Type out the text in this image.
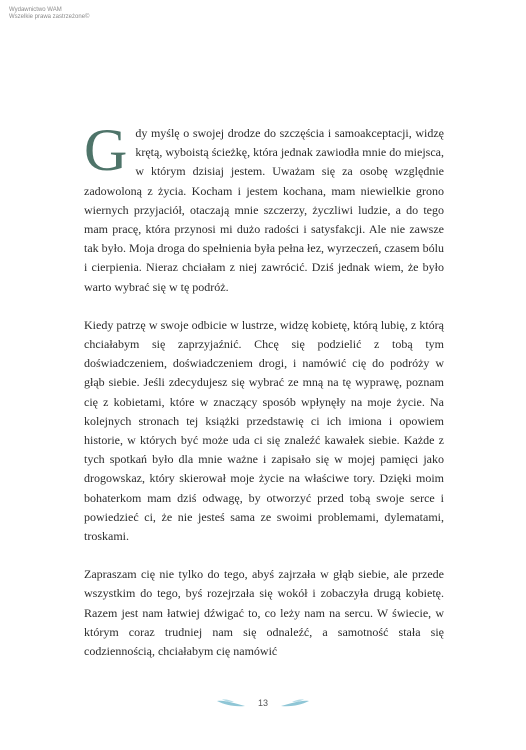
Wydawnictwo WAM
Wszelkie prawa zastrzeżone©

Gdy myślę o swojej drodze do szczęścia i samoakceptacji, widzę krętą, wyboistą ścieżkę, która jednak zawiodła mnie do miejsca, w którym dzisiaj jestem. Uważam się za osobę względnie zadowoloną z życia. Kocham i jestem kochana, mam niewielkie grono wiernych przyjaciół, otaczają mnie szczerzy, życzliwi ludzie, a do tego mam pracę, która przynosi mi dużo radości i satysfakcji. Ale nie zawsze tak było. Moja droga do spełnienia była pełna łez, wyrzeczeń, czasem bólu i cierpienia. Nieraz chciałam z niej zawrócić. Dziś jednak wiem, że było warto wybrać się w tę podróż.

Kiedy patrzę w swoje odbicie w lustrze, widzę kobietę, którą lubię, z którą chciałabym się zaprzyjaźnić. Chcę się podzielić z tobą tym doświadczeniem, doświadczeniem drogi, i namówić cię do podróży w głąb siebie. Jeśli zdecydujesz się wybrać ze mną na tę wyprawę, poznam cię z kobietami, które w znaczący sposób wpłynęły na moje życie. Na kolejnych stronach tej książki przedstawię ci ich imiona i opowiem historie, w których być może uda ci się znaleźć kawałek siebie. Każde z tych spotkań było dla mnie ważne i zapisało się w mojej pamięci jako drogowskaz, który skierował moje życie na właściwe tory. Dzięki moim bohaterkom mam dziś odwagę, by otworzyć przed tobą swoje serce i powiedzieć ci, że nie jesteś sama ze swoimi problemami, dylematami, troskami.

Zapraszam cię nie tylko do tego, abyś zajrzała w głąb siebie, ale przede wszystkim do tego, byś rozejrzała się wokół i zobaczyła drugą kobietę. Razem jest nam łatwiej dźwigać to, co leży nam na sercu. W świecie, w którym coraz trudniej nam się odnaleźć, a samotność stała się codziennością, chciałabym cię namówić

13
